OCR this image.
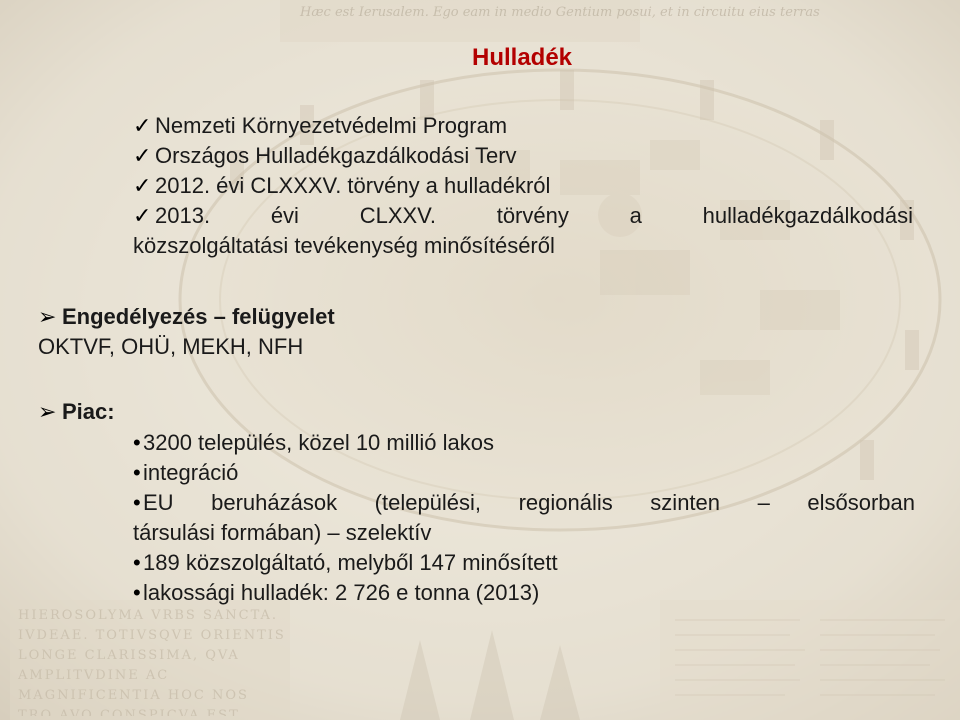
Hulladék
✓ Nemzeti Környezetvédelmi Program
✓ Országos Hulladékgazdálkodási Terv
✓ 2012. évi CLXXXV. törvény a hulladékról
✓ 2013. évi CLXXV. törvény a hulladékgazdálkodási
közszolgáltatási tevékenység minősítéséről
➢ Engedélyezés – felügyelet
OKTVF, OHÜ, MEKH, NFH
➢ Piac:
• 3200 település, közel 10 millió lakos
• integráció
• EU beruházások (települési, regionális szinten – elsősorban
társulási formában) – szelektív
• 189 közszolgáltató, melyből 147 minősített
• lakossági hulladék: 2 726 e tonna (2013)
